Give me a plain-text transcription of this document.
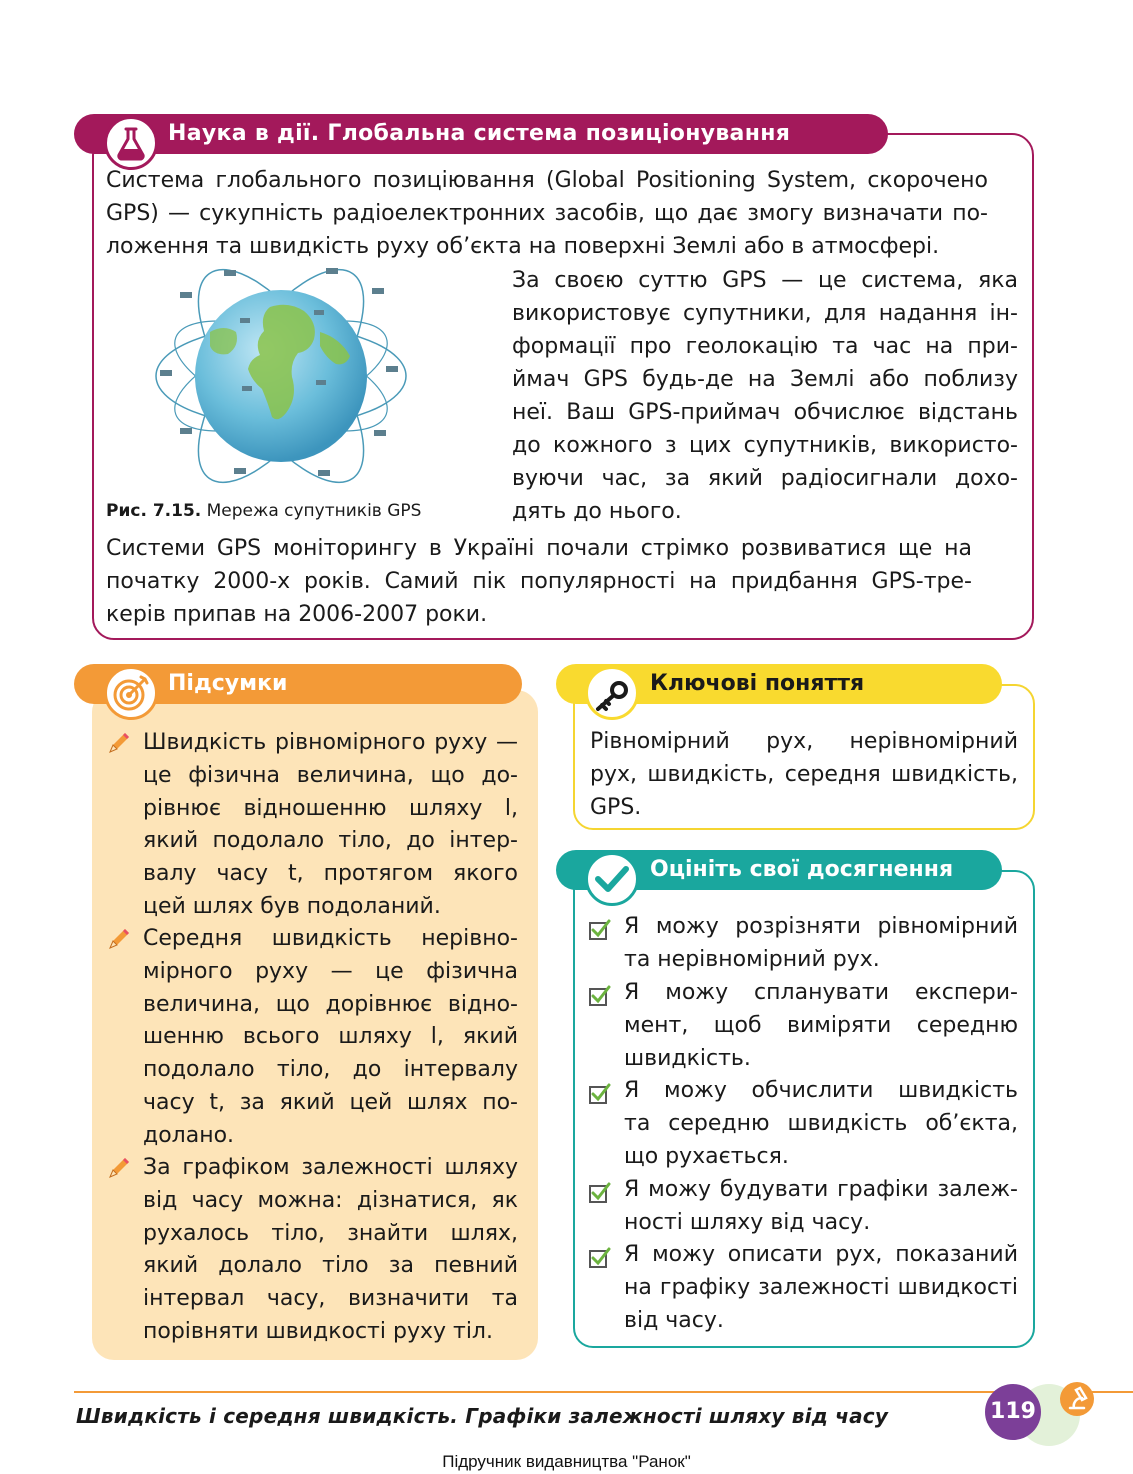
Наука в дії. Глобальна система позиціонування
Система глобального позиціювання (Global Positioning System, скорочено
GPS) — сукупність радіоелектронних засобів, що дає змогу визначати по-
ложення та швидкість руху об’єкта на поверхні Землі або в атмосфері.
Рис. 7.15. Мережа супутників GPS
За своєю суттю GPS — це система, яка
використовує супутники, для надання ін-
формації про геолокацію та час на при-
ймач GPS будь-де на Землі або поблизу
неї. Ваш GPS-приймач обчислює відстань
до кожного з цих супутників, використо-
вуючи час, за який радіосигнали дохо-
дять до нього.
Системи GPS моніторингу в Україні почали стрімко розвиватися ще на
початку 2000-х років. Самий пік популярності на придбання GPS-тре-
керів припав на 2006-2007 роки.
Підсумки
Швидкість рівномірного руху —
це фізична величина, що до-
рівнює відношенню шляху l,
який подолало тіло, до інтер-
валу часу t, протягом якого
цей шлях був подоланий.
Середня швидкість нерівно-
мірного руху — це фізична
величина, що дорівнює відно-
шенню всього шляху l, який
подолало тіло, до інтервалу
часу t, за який цей шлях по-
долано.
За графіком залежності шляху
від часу можна: дізнатися, як
рухалось тіло, знайти шлях,
який долало тіло за певний
інтервал часу, визначити та
порівняти швидкості руху тіл.
Ключові поняття
Рівномірний рух, нерівномірний
рух, швидкість, середня швидкість,
GPS.
Оцініть свої досягнення
Я можу розрізняти рівномірний
та нерівномірний рух.
Я можу спланувати експери-
мент, щоб виміряти середню
швидкість.
Я можу обчислити швидкість
та середню швидкість об’єкта,
що рухається.
Я можу будувати графіки залеж-
ності шляху від часу.
Я можу описати рух, показаний
на графіку залежності швидкості
від часу.
Швидкість і середня швидкість. Графіки залежності шляху від часу	119
Підручник видавництва "Ранок"
